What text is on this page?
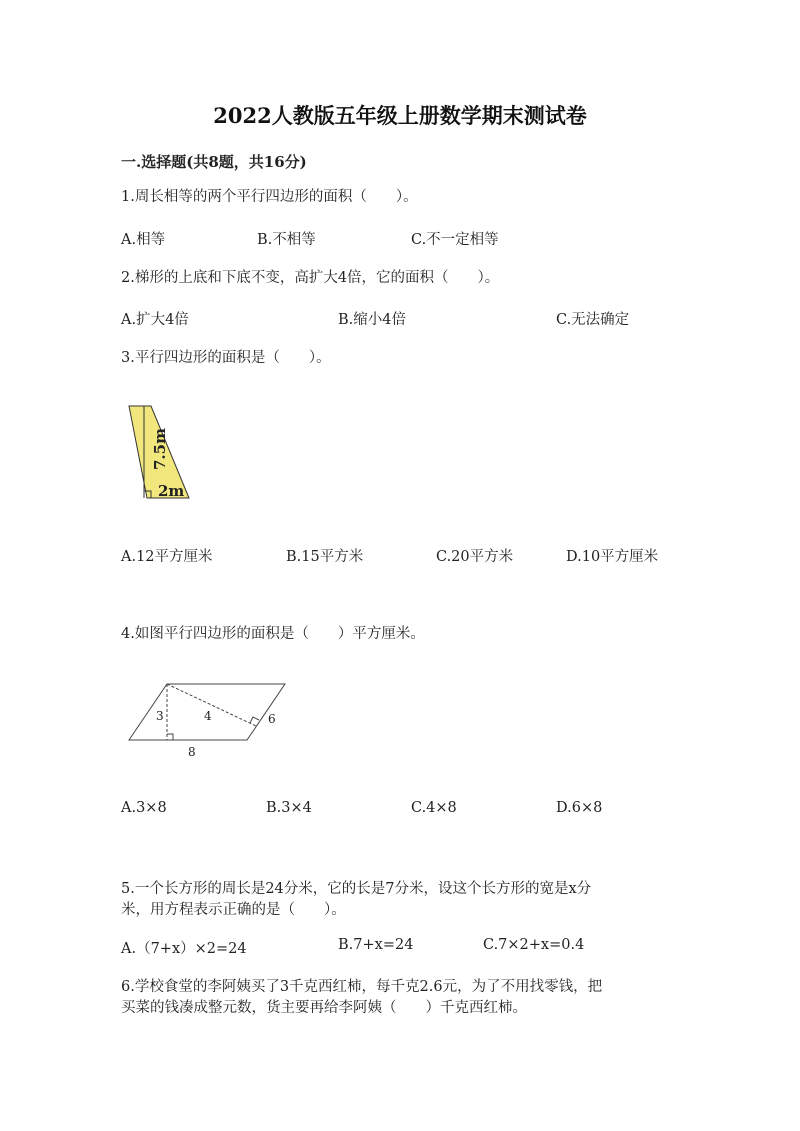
2022人教版五年级上册数学期末测试卷
一.选择题(共8题，共16分)
1.周长相等的两个平行四边形的面积（　　）。
A.相等	B.不相等	C.不一定相等
2.梯形的上底和下底不变，高扩大4倍，它的面积（　　）。
A.扩大4倍	B.缩小4倍	C.无法确定
3.平行四边形的面积是（　　）。
7.5m
2m
A.12平方厘米	B.15平方米	C.20平方米	D.10平方厘米
4.如图平行四边形的面积是（　　）平方厘米。
3	4	6
8
A.3×8	B.3×4	C.4×8	D.6×8
5.一个长方形的周长是24分米，它的长是7分米，设这个长方形的宽是x分
米，用方程表示正确的是（　　）。
A.（7+x）×2=24	B.7+x=24	C.7×2+x=0.4
6.学校食堂的李阿姨买了3千克西红柿，每千克2.6元，为了不用找零钱，把
买菜的钱凑成整元数，货主要再给李阿姨（　　）千克西红柿。
